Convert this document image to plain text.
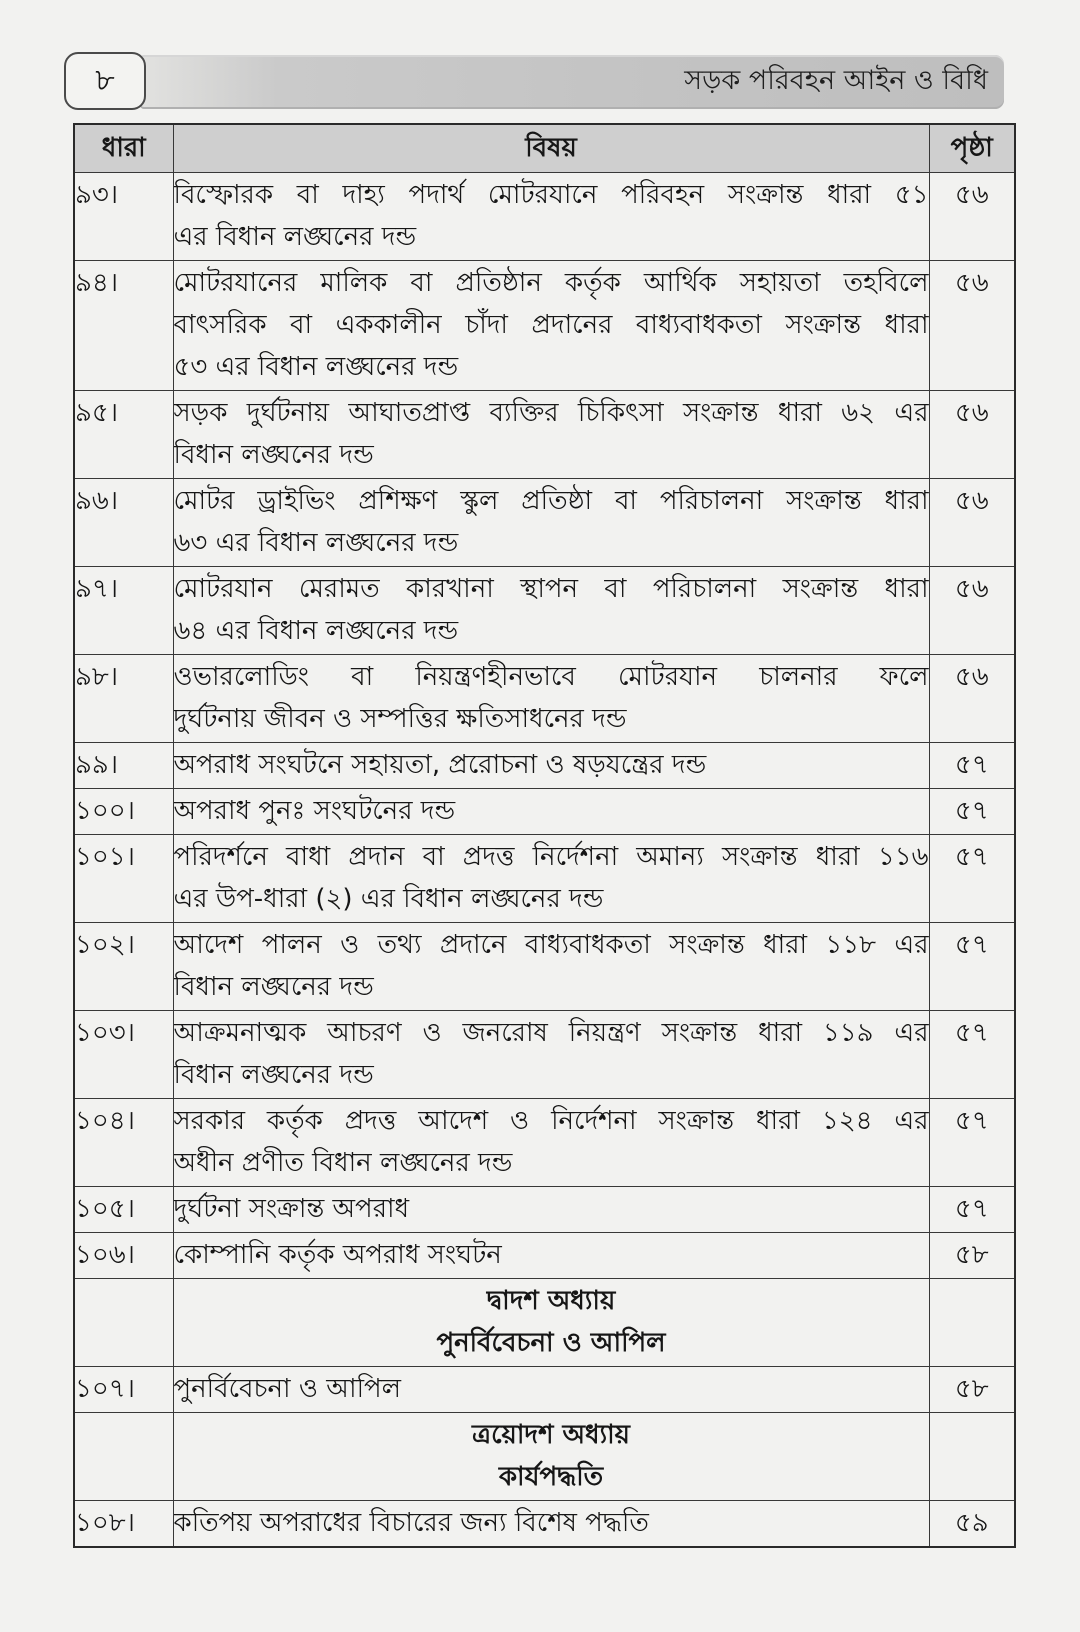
সড়ক পরিবহন আইন ও বিধি
৮
ধারা	বিষয়	পৃষ্ঠা
৯৩।	বিস্ফোরক বা দাহ্য পদার্থ মোটরযানে পরিবহন সংক্রান্ত ধারা ৫১
এর বিধান লঙ্ঘনের দন্ড	৫৬
৯৪।	মোটরযানের মালিক বা প্রতিষ্ঠান কর্তৃক আর্থিক সহায়তা তহবিলে
বাৎসরিক বা এককালীন চাঁদা প্রদানের বাধ্যবাধকতা সংক্রান্ত ধারা
৫৩ এর বিধান লঙ্ঘনের দন্ড	৫৬
৯৫।	সড়ক দুর্ঘটনায় আঘাতপ্রাপ্ত ব্যক্তির চিকিৎসা সংক্রান্ত ধারা ৬২ এর
বিধান লঙ্ঘনের দন্ড	৫৬
৯৬।	মোটর ড্রাইভিং প্রশিক্ষণ স্কুল প্রতিষ্ঠা বা পরিচালনা সংক্রান্ত ধারা
৬৩ এর বিধান লঙ্ঘনের দন্ড	৫৬
৯৭।	মোটরযান মেরামত কারখানা স্থাপন বা পরিচালনা সংক্রান্ত ধারা
৬৪ এর বিধান লঙ্ঘনের দন্ড	৫৬
৯৮।	ওভারলোডিং বা নিয়ন্ত্রণহীনভাবে মোটরযান চালনার ফলে
দুর্ঘটনায় জীবন ও সম্পত্তির ক্ষতিসাধনের দন্ড	৫৬
৯৯।	অপরাধ সংঘটনে সহায়তা, প্ররোচনা ও ষড়যন্ত্রের দন্ড	৫৭
১০০।	অপরাধ পুনঃ সংঘটনের দন্ড	৫৭
১০১।	পরিদর্শনে বাধা প্রদান বা প্রদত্ত নির্দেশনা অমান্য সংক্রান্ত ধারা ১১৬
এর উপ-ধারা (২) এর বিধান লঙ্ঘনের দন্ড	৫৭
১০২।	আদেশ পালন ও তথ্য প্রদানে বাধ্যবাধকতা সংক্রান্ত ধারা ১১৮ এর
বিধান লঙ্ঘনের দন্ড	৫৭
১০৩।	আক্রমনাত্মক আচরণ ও জনরোষ নিয়ন্ত্রণ সংক্রান্ত ধারা ১১৯ এর
বিধান লঙ্ঘনের দন্ড	৫৭
১০৪।	সরকার কর্তৃক প্রদত্ত আদেশ ও নির্দেশনা সংক্রান্ত ধারা ১২৪ এর
অধীন প্রণীত বিধান লঙ্ঘনের দন্ড	৫৭
১০৫।	দুর্ঘটনা সংক্রান্ত অপরাধ	৫৭
১০৬।	কোম্পানি কর্তৃক অপরাধ সংঘটন	৫৮

	দ্বাদশ অধ্যায়
পুনর্বিবেচনা ও আপিল	

১০৭।	পুনর্বিবেচনা ও আপিল	৫৮

	ত্রয়োদশ অধ্যায়
কার্যপদ্ধতি	

১০৮।	কতিপয় অপরাধের বিচারের জন্য বিশেষ পদ্ধতি	৫৯
